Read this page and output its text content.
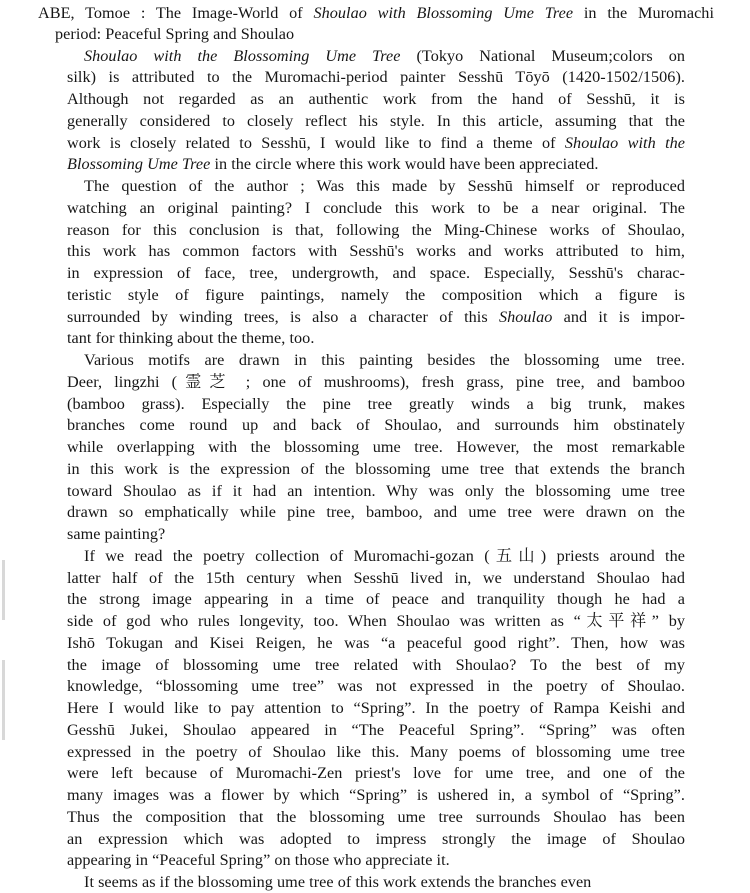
ABE, Tomoe : The Image-World of Shoulao with Blossoming Ume Tree in the Muromachi
period: Peaceful Spring and Shoulao
Shoulao with the Blossoming Ume Tree (Tokyo National Museum;colors on
silk) is attributed to the Muromachi-period painter Sesshū Tōyō (1420-1502/1506).
Although not regarded as an authentic work from the hand of Sesshū, it is
generally considered to closely reflect his style. In this article, assuming that the
work is closely related to Sesshū, I would like to find a theme of Shoulao with the
Blossoming Ume Tree in the circle where this work would have been appreciated.
The question of the author ; Was this made by Sesshū himself or reproduced
watching an original painting? I conclude this work to be a near original. The
reason for this conclusion is that, following the Ming-Chinese works of Shoulao,
this work has common factors with Sesshū's works and works attributed to him,
in expression of face, tree, undergrowth, and space. Especially, Sesshū's charac-
teristic style of figure paintings, namely the composition which a figure is
surrounded by winding trees, is also a character of this Shoulao and it is impor-
tant for thinking about the theme, too.
Various motifs are drawn in this painting besides the blossoming ume tree.
Deer, lingzhi (霊芝 ; one of mushrooms), fresh grass, pine tree, and bamboo
(bamboo grass). Especially the pine tree greatly winds a big trunk, makes
branches come round up and back of Shoulao, and surrounds him obstinately
while overlapping with the blossoming ume tree. However, the most remarkable
in this work is the expression of the blossoming ume tree that extends the branch
toward Shoulao as if it had an intention. Why was only the blossoming ume tree
drawn so emphatically while pine tree, bamboo, and ume tree were drawn on the
same painting?
If we read the poetry collection of Muromachi-gozan (五山) priests around the
latter half of the 15th century when Sesshū lived in, we understand Shoulao had
the strong image appearing in a time of peace and tranquility though he had a
side of god who rules longevity, too. When Shoulao was written as “太平祥” by
Ishō Tokugan and Kisei Reigen, he was “a peaceful good right”. Then, how was
the image of blossoming ume tree related with Shoulao? To the best of my
knowledge, “blossoming ume tree” was not expressed in the poetry of Shoulao.
Here I would like to pay attention to “Spring”. In the poetry of Rampa Keishi and
Gesshū Jukei, Shoulao appeared in “The Peaceful Spring”. “Spring” was often
expressed in the poetry of Shoulao like this. Many poems of blossoming ume tree
were left because of Muromachi-Zen priest's love for ume tree, and one of the
many images was a flower by which “Spring” is ushered in, a symbol of “Spring”.
Thus the composition that the blossoming ume tree surrounds Shoulao has been
an expression which was adopted to impress strongly the image of Shoulao
appearing in “Peaceful Spring” on those who appreciate it.
It seems as if the blossoming ume tree of this work extends the branches even
